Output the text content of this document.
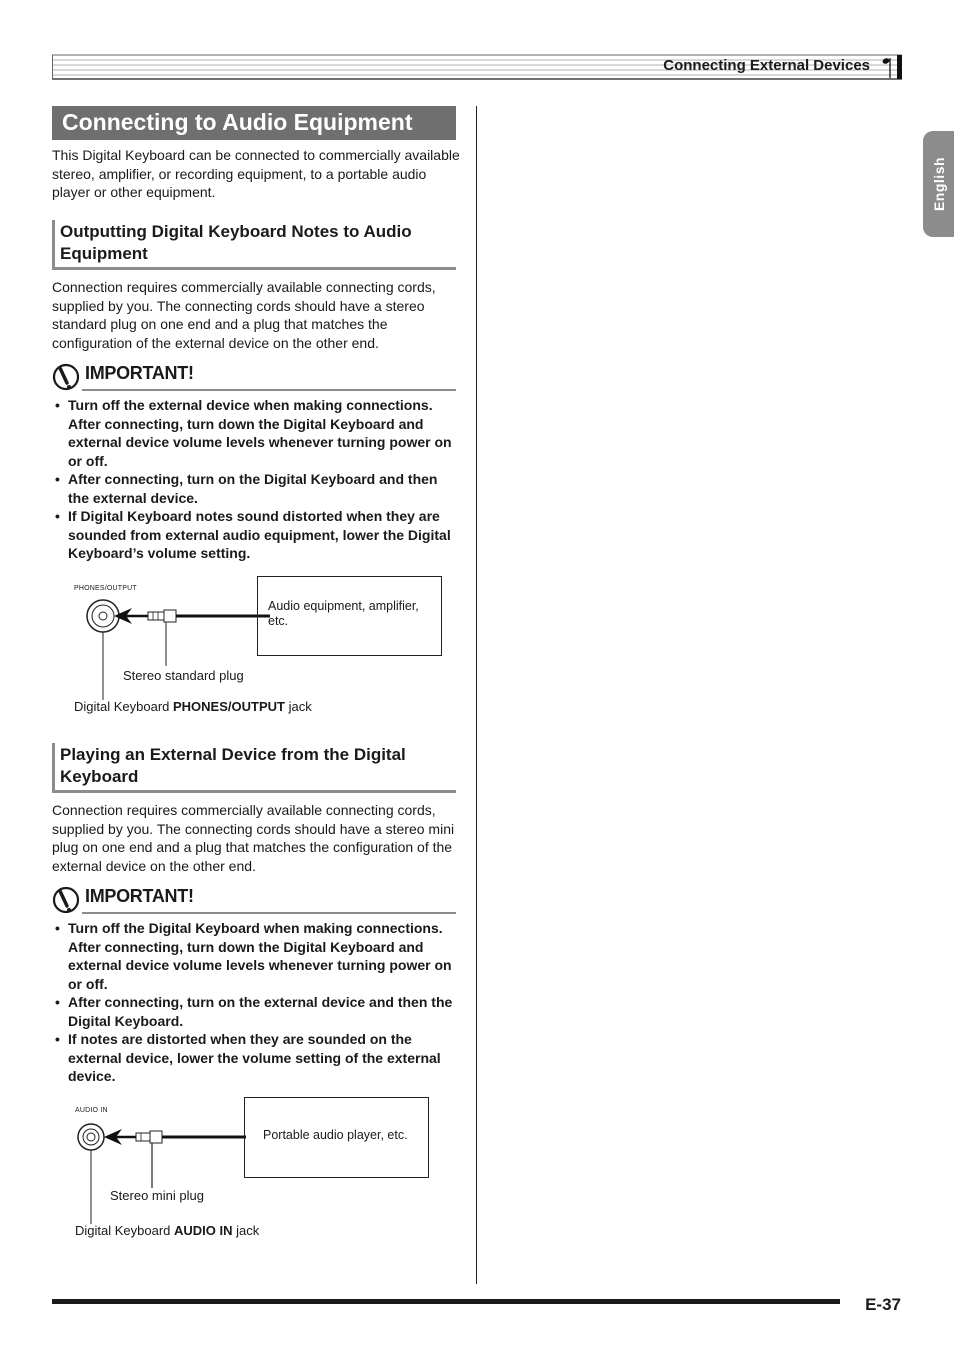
Connecting External Devices
English
Connecting to Audio Equipment

This Digital Keyboard can be connected to commercially available stereo, amplifier, or recording equipment, to a portable audio player or other equipment.

Outputting Digital Keyboard Notes to Audio Equipment

Connection requires commercially available connecting cords, supplied by you. The connecting cords should have a stereo standard plug on one end and a plug that matches the configuration of the external device on the other end.

IMPORTANT!
• Turn off the external device when making connections. After connecting, turn down the Digital Keyboard and external device volume levels whenever turning power on or off.
• After connecting, turn on the Digital Keyboard and then the external device.
• If Digital Keyboard notes sound distorted when they are sounded from external audio equipment, lower the Digital Keyboard’s volume setting.
PHONES/OUTPUT
Audio equipment, amplifier, etc.
Stereo standard plug
Digital Keyboard PHONES/OUTPUT jack
Playing an External Device from the Digital Keyboard

Connection requires commercially available connecting cords, supplied by you. The connecting cords should have a stereo mini plug on one end and a plug that matches the configuration of the external device on the other end.

IMPORTANT!
• Turn off the Digital Keyboard when making connections. After connecting, turn down the Digital Keyboard and external device volume levels whenever turning power on or off.
• After connecting, turn on the external device and then the Digital Keyboard.
• If notes are distorted when they are sounded on the external device, lower the volume setting of the external device.
AUDIO IN
Portable audio player, etc.
Stereo mini plug
Digital Keyboard AUDIO IN jack
E-37
